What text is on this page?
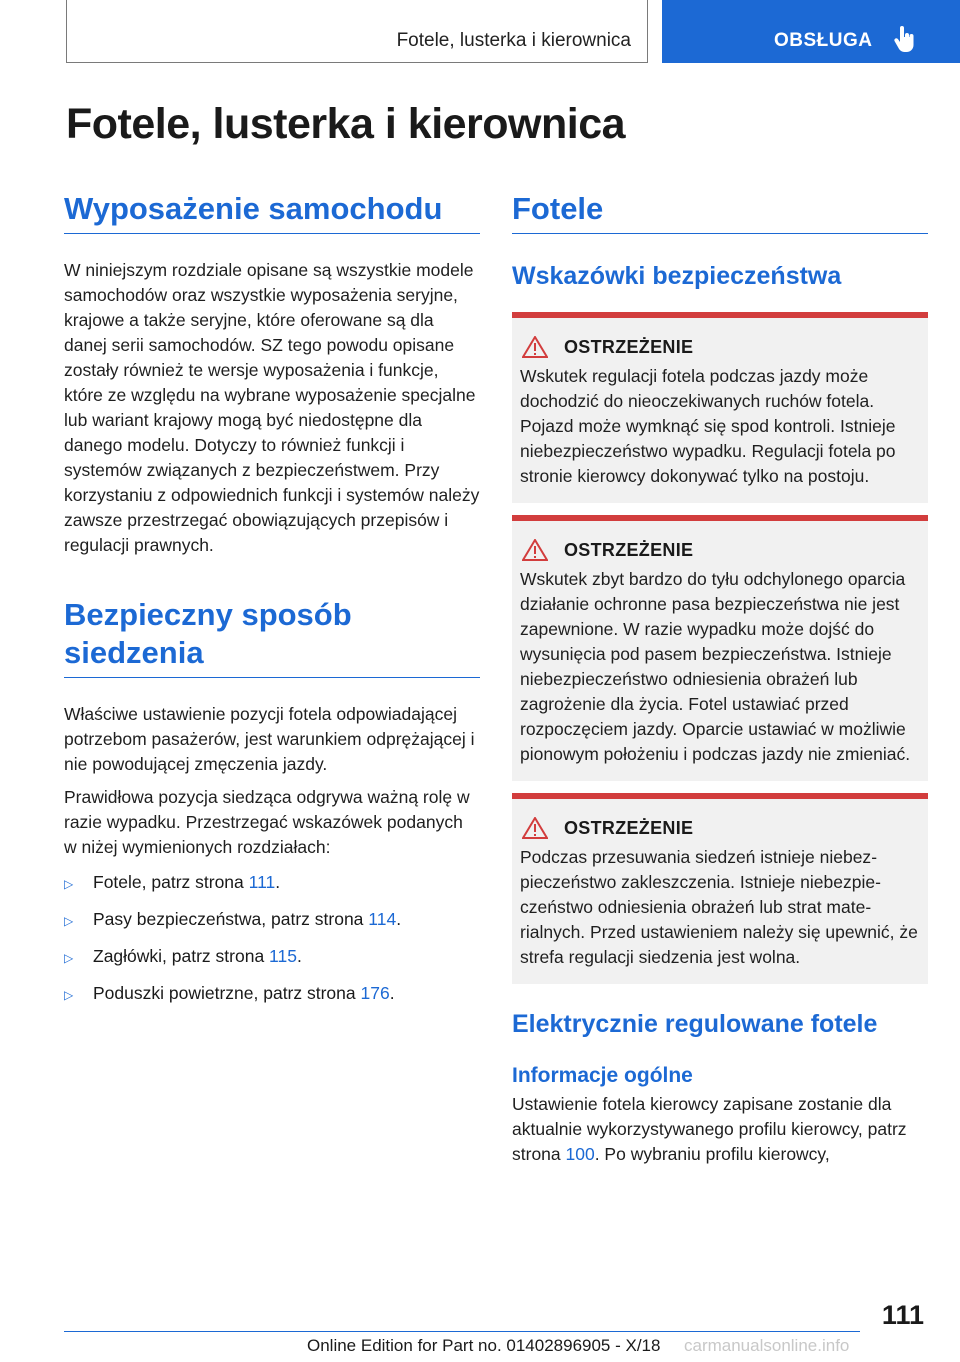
Fotele, lusterka i kierownica	OBSŁUGA
Fotele, lusterka i kierownica
Wyposażenie samochodu

W niniejszym rozdziale opisane są wszystkie modele samochodów oraz wszystkie wyposażenia seryjne, krajowe a także seryjne, które oferowane są dla danej serii samochodów. SZ tego powodu opisane zostały również te wersje wyposażenia i funkcje, które ze względu na wybrane wyposażenie specjalne lub wariant krajowy mogą być niedostępne dla danego modelu. Dotyczy to również funkcji i systemów związanych z bezpieczeństwem. Przy korzystaniu z odpowiednich funkcji i systemów należy zawsze przestrzegać obowiązujących przepisów i regulacji prawnych.

Bezpieczny sposób siedzenia

Właściwe ustawienie pozycji fotela odpowiadającej potrzebom pasażerów, jest warunkiem odprężającej i nie powodującej zmęczenia jazdy.

Prawidłowa pozycja siedząca odgrywa ważną rolę w razie wypadku. Przestrzegać wskazówek podanych w niżej wymienionych rozdziałach:

▷ Fotele, patrz strona 111.
▷ Pasy bezpieczeństwa, patrz strona 114.
▷ Zagłówki, patrz strona 115.
▷ Poduszki powietrzne, patrz strona 176.
Fotele
Wskazówki bezpieczeństwa
OSTRZEŻENIE

Wskutek regulacji fotela podczas jazdy może dochodzić do nieoczekiwanych ruchów fotela. Pojazd może wymknąć się spod kontroli. Istnieje niebezpieczeństwo wypadku. Regulacji fotela po stronie kierowcy dokonywać tylko na postoju.

OSTRZEŻENIE

Wskutek zbyt bardzo do tyłu odchylonego oparcia działanie ochronne pasa bezpieczeństwa nie jest zapewnione. W razie wypadku może dojść do wysunięcia pod pasem bezpieczeństwa. Istnieje niebezpieczeństwo odniesienia obrażeń lub zagrożenie dla życia. Fotel ustawiać przed rozpoczęciem jazdy. Oparcie ustawiać w możliwie pionowym położeniu i podczas jazdy nie zmieniać.

OSTRZEŻENIE

Podczas przesuwania siedzeń istnieje niebezpieczeństwo zakleszczenia. Istnieje niebezpieczeństwo odniesienia obrażeń lub strat materialnych. Przed ustawieniem należy się upewnić, że strefa regulacji siedzenia jest wolna.

Elektrycznie regulowane fotele
Informacje ogólne

Ustawienie fotela kierowcy zapisane zostanie dla aktualnie wykorzystywanego profilu kierowcy, patrz strona 100. Po wybraniu profilu kierowcy,

111
Online Edition for Part no. 01402896905 - X/18 carmanualsonline.info
